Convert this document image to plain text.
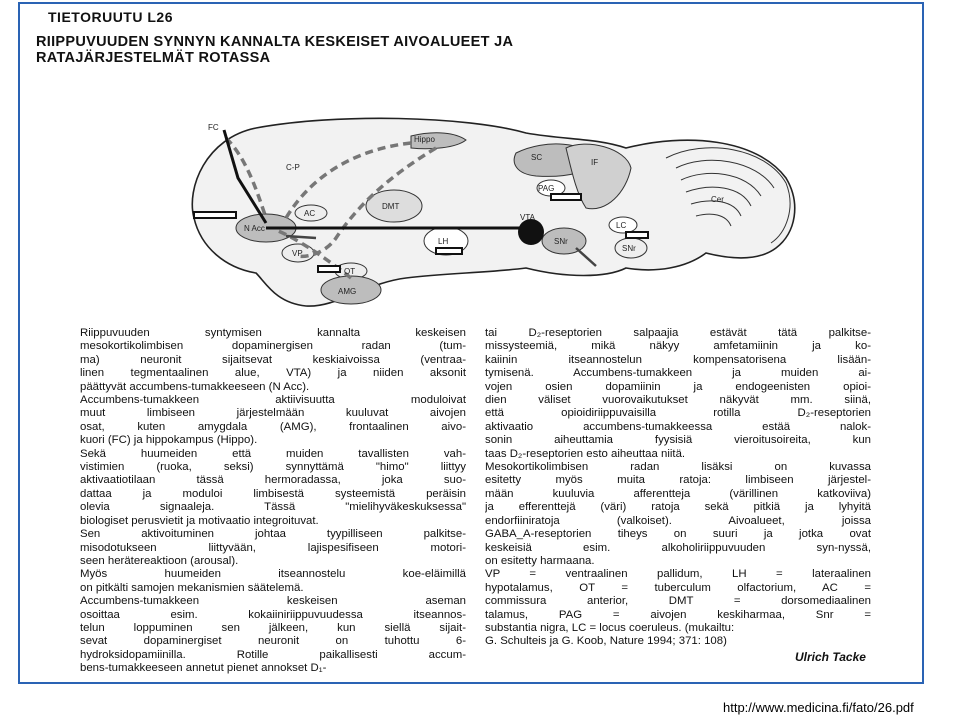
TIETORUUTU L26
RIIPPUVUUDEN SYNNYN KANNALTA KESKEISET AIVOALUEET JA
RATAJÄRJESTELMÄT ROTASSA
FC
C-P
Hippo
SC
IF
PAG
Cer
DMT
AC
N Acc
VP
LH
VTA
SNr
LC
SNr
OT
AMG
Riippuvuuden syntymisen kannalta keskeisen
mesokortikolimbisen dopaminergisen radan (tum-
ma) neuronit sijaitsevat keskiaivoissa (ventraa-
linen tegmentaalinen alue, VTA) ja niiden aksonit
päättyvät accumbens-tumakkeeseen (N Acc).
Accumbens-tumakkeen aktiivisuutta moduloivat
muut limbiseen järjestelmään kuuluvat aivojen
osat, kuten amygdala (AMG), frontaalinen aivo-
kuori (FC) ja hippokampus (Hippo).
Sekä huumeiden että muiden tavallisten vah-
vistimien (ruoka, seksi) synnyttämä "himo" liittyy
aktivaatiotilaan tässä hermoradassa, joka suo-
dattaa ja moduloi limbisestä systeemistä peräisin
olevia signaaleja. Tässä "mielihyväkeskuksessa"
biologiset perusvietit ja motivaatio integroituvat.
Sen aktivoituminen johtaa tyypilliseen palkitse-
misodotukseen liittyvään, lajispesifiseen motori-
seen herätereaktioon (arousal).
Myös huumeiden itseannostelu koe-eläimillä
on pitkälti samojen mekanismien säätelemä.
Accumbens-tumakkeen keskeisen aseman
osoittaa esim. kokaiiniriippuvuudessa itseannos-
telun loppuminen sen jälkeen, kun siellä sijait-
sevat dopaminergiset neuronit on tuhottu 6-
hydroksidopamiinilla. Rotille paikallisesti accum-
bens-tumakkeeseen annetut pienet annokset D₁-
tai D₂-reseptorien salpaajia estävät tätä palkitse-
missysteemiä, mikä näkyy amfetamiinin ja ko-
kaiinin itseannostelun kompensatorisena lisään-
tymisenä. Accumbens-tumakkeen ja muiden ai-
vojen osien dopamiinin ja endogeenisten opioi-
dien väliset vuorovaikutukset näkyvät mm. siinä,
että opioidiriippuvaisilla rotilla D₂-reseptorien
aktivaatio accumbens-tumakkeessa estää nalok-
sonin aiheuttamia fyysisiä vieroitusoireita, kun
taas D₂-reseptorien esto aiheuttaa niitä.
Mesokortikolimbisen radan lisäksi on kuvassa
esitetty myös muita ratoja: limbiseen järjestel-
mään kuuluvia afferentteja (värillinen katkoviiva)
ja efferenttejä (väri) ratoja sekä pitkiä ja lyhyitä
endorfiiniratoja (valkoiset). Aivoalueet, joissa
GABA_A-reseptorien tiheys on suuri ja jotka ovat
keskeisiä esim. alkoholiriippuvuuden syn-nyssä,
on esitetty harmaana.
VP = ventraalinen pallidum, LH = lateraalinen
hypotalamus, OT = tuberculum olfactorium, AC =
commissura anterior, DMT = dorsomediaalinen
talamus, PAG = aivojen keskiharmaa, Snr =
substantia nigra, LC = locus coeruleus. (mukailtu:
G. Schulteis ja G. Koob, Nature 1994; 371: 108)
Ulrich Tacke
http://www.medicina.fi/fato/26.pdf
